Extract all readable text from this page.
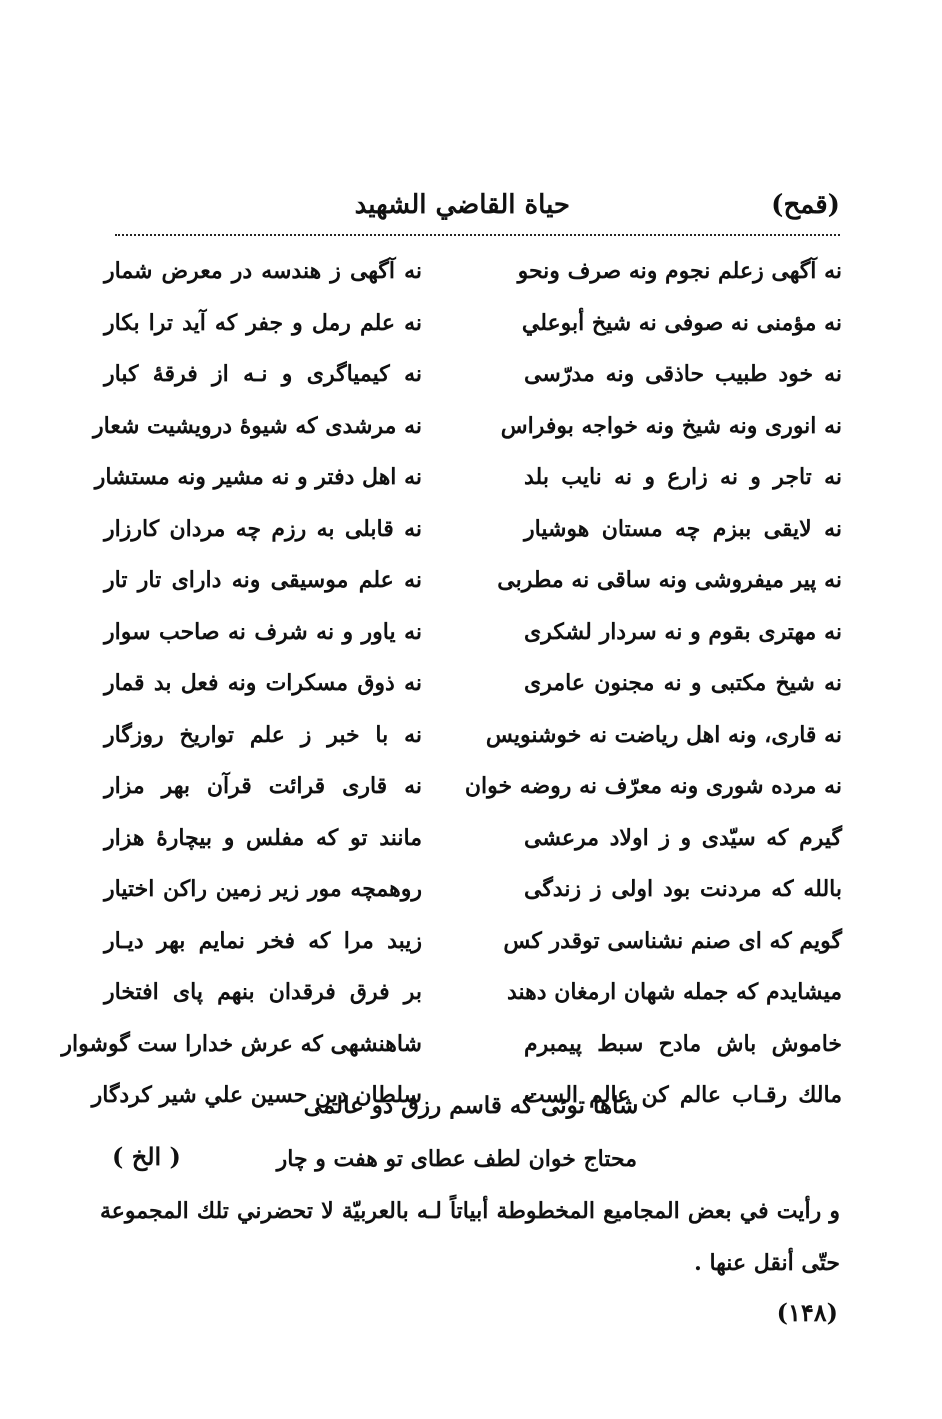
(قمح)
حياة القاضي الشهيد
نه آگهی زعلم نجوم ونه صرف ونحو
نه آگهی ز هندسه در معرض شمار
نه مؤمنی نه صوفی نه شیخ أبوعلي
نه علم رمل و جفر که آید ترا بکار
نه خود طبیب حاذقی ونه مدرّسی
نه کیمیاگری و نـه از فرقهٔ کبار
نه انوری ونه شیخ ونه خواجه بوفراس
نه مرشدی که شیوهٔ درویشیت شعار
نه تاجر و نه زارع و نه نایب بلد
نه اهل دفتر و نه مشیر ونه مستشار
نه لایقی ببزم چه مستان هوشیار
نه قابلی به رزم چه مردان کارزار
نه پیر میفروشی ونه ساقی نه مطربی
نه علم موسیقی ونه دارای تار تار
نه مهتری بقوم و نه سردار لشکری
نه یاور و نه شرف نه صاحب سوار
نه شیخ مکتبی و نه مجنون عامری
نه ذوق مسکرات ونه فعل بد قمار
نه قاری، ونه اهل ریاضت نه خوشنویس
نه با خبر ز علم تواریخ روزگار
نه مرده شوری ونه معرّف نه روضه خوان
نه قاری قرائت قرآن بهر مزار
گیرم که سیّدی و ز اولاد مرعشی
مانند تو که مفلس و بیچارهٔ هزار
بالله که مردنت بود اولی ز زندگی
روهمچه مور زیر زمین راکن اختیار
گویم که ای صنم نشناسی توقدر کس
زیبد مرا که فخر نمایم بهر دیـار
میشایدم که جمله شهان ارمغان دهند
بر فرق فرقدان بنهم پای افتخار
خاموش باش مادح سبط پیمبرم
شاهنشهی که عرش خدارا ست گوشوار
مالك رقـاب عالم کن عالم الست
سلطان دین حسین علي شیر کردگار
شاها توئی که قاسم رزق دو عالمی
محتاج خوان لطف عطای تو هفت و چار
( الخ )
و رأيت في بعض المجاميع المخطوطة أبياتاً لـه بالعربيّة لا تحضرني تلك المجموعة
حتّى أنقل عنها .
(١۴٨)
